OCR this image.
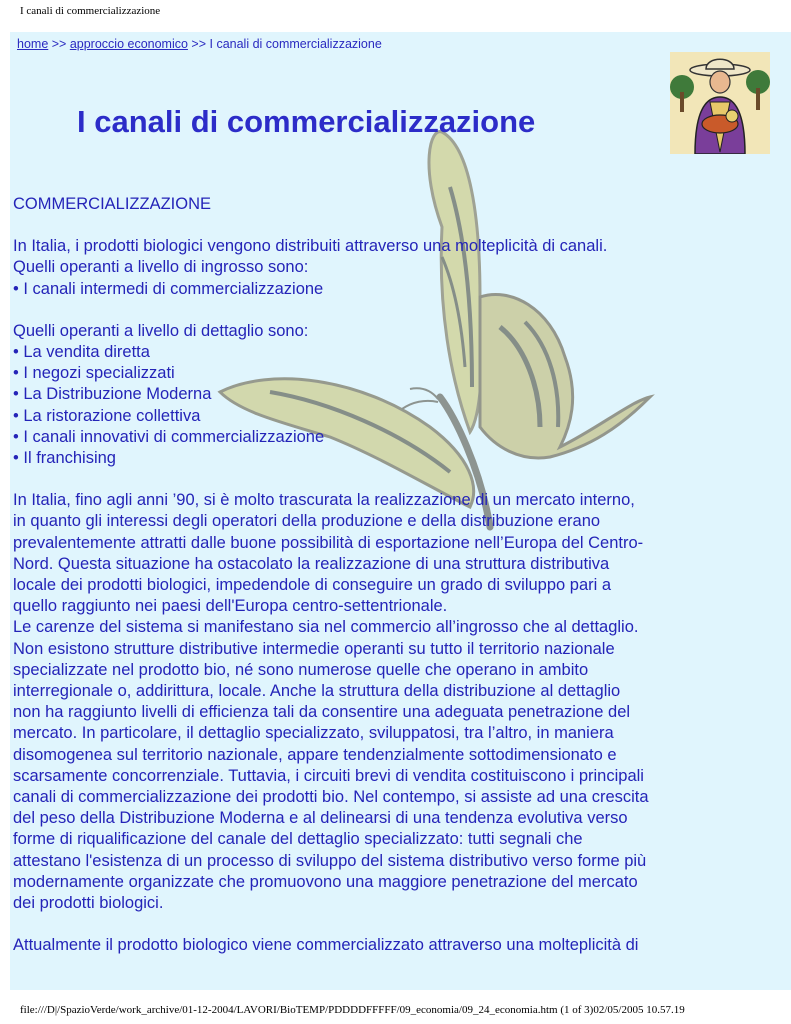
I canali di commercializzazione
home >> approccio economico >> I canali di commercializzazione
I canali di commercializzazione

COMMERCIALIZZAZIONE

In Italia, i prodotti biologici vengono distribuiti attraverso una molteplicità di canali.

Quelli operanti a livello di ingrosso sono:

• I canali intermedi di commercializzazione

Quelli operanti a livello di dettaglio sono:

• La vendita diretta
• I negozi specializzati
• La Distribuzione Moderna
• La ristorazione collettiva
• I canali innovativi di commercializzazione
• Il franchising

In Italia, fino agli anni ’90, si è molto trascurata la realizzazione di un mercato interno,

in quanto gli interessi degli operatori della produzione e della distribuzione erano

prevalentemente attratti dalle buone possibilità di esportazione nell’Europa del Centro-

Nord. Questa situazione ha ostacolato la realizzazione di una struttura distributiva

locale dei prodotti biologici, impedendole di conseguire un grado di sviluppo pari a

quello raggiunto nei paesi dell'Europa centro-settentrionale.

Le carenze del sistema si manifestano sia nel commercio all’ingrosso che al dettaglio.

Non esistono strutture distributive intermedie operanti su tutto il territorio nazionale

specializzate nel prodotto bio, né sono numerose quelle che operano in ambito

interregionale o, addirittura, locale. Anche la struttura della distribuzione al dettaglio

non ha raggiunto livelli di efficienza tali da consentire una adeguata penetrazione del

mercato. In particolare, il dettaglio specializzato, sviluppatosi, tra l’altro, in maniera

disomogenea sul territorio nazionale, appare tendenzialmente sottodimensionato e

scarsamente concorrenziale. Tuttavia, i circuiti brevi di vendita costituiscono i principali

canali di commercializzazione dei prodotti bio. Nel contempo, si assiste ad una crescita

del peso della Distribuzione Moderna e al delinearsi di una tendenza evolutiva verso

forme di riqualificazione del canale del dettaglio specializzato: tutti segnali che

attestano l'esistenza di un processo di sviluppo del sistema distributivo verso forme più

modernamente organizzate che promuovono una maggiore penetrazione del mercato

dei prodotti biologici.

Attualmente il prodotto biologico viene commercializzato attraverso una molteplicità di

file:///D|/SpazioVerde/work_archive/01-12-2004/LAVORI/BioTEMP/PDDDDFFFFF/09_economia/09_24_economia.htm (1 of 3)02/05/2005 10.57.19
